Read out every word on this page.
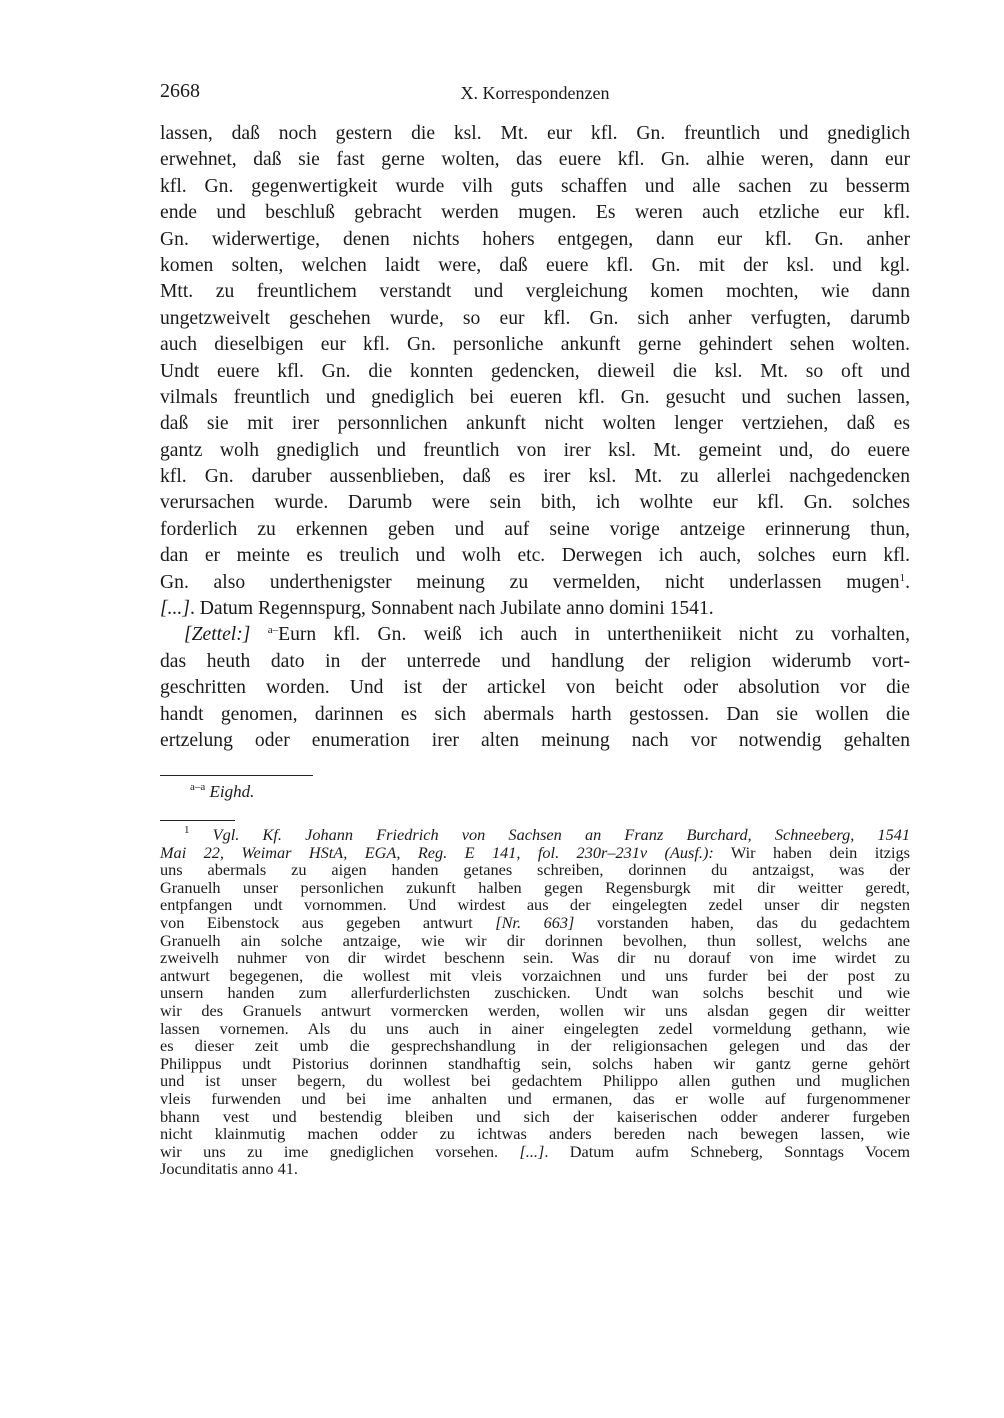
2668	X. Korrespondenzen
lassen, daß noch gestern die ksl. Mt. eur kfl. Gn. freuntlich und gnediglich
erwehnet, daß sie fast gerne wolten, das euere kfl. Gn. alhie weren, dann eur
kfl. Gn. gegenwertigkeit wurde vilh guts schaffen und alle sachen zu besserm
ende und beschluß gebracht werden mugen. Es weren auch etzliche eur kfl.
Gn. widerwertige, denen nichts hohers entgegen, dann eur kfl. Gn. anher
komen solten, welchen laidt were, daß euere kfl. Gn. mit der ksl. und kgl.
Mtt. zu freuntlichem verstandt und vergleichung komen mochten, wie dann
ungetzweivelt geschehen wurde, so eur kfl. Gn. sich anher verfugten, darumb
auch dieselbigen eur kfl. Gn. personliche ankunft gerne gehindert sehen wolten.
Undt euere kfl. Gn. die konnten gedencken, dieweil die ksl. Mt. so oft und
vilmals freuntlich und gnediglich bei eueren kfl. Gn. gesucht und suchen lassen,
daß sie mit irer personnlichen ankunft nicht wolten lenger vertziehen, daß es
gantz wolh gnediglich und freuntlich von irer ksl. Mt. gemeint und, do euere
kfl. Gn. daruber aussenblieben, daß es irer ksl. Mt. zu allerlei nachgedencken
verursachen wurde. Darumb were sein bith, ich wolhte eur kfl. Gn. solches
forderlich zu erkennen geben und auf seine vorige antzeige erinnerung thun,
dan er meinte es treulich und wolh etc. Derwegen ich auch, solches eurn kfl.
Gn. also underthenigster meinung zu vermelden, nicht underlassen mugen$^1$.
[...]. Datum Regennspurg, Sonnabent nach Jubilate anno domini 1541.
[Zettel:] $^{a-}$Eurn kfl. Gn. weiß ich auch in untertheniikeit nicht zu vorhalten,
das heuth dato in der unterrede und handlung der religion widerumb vort-
geschritten worden. Und ist der artickel von beicht oder absolution vor die
handt genomen, darinnen es sich abermals harth gestossen. Dan sie wollen die
ertzelung oder enumeration irer alten meinung nach vor notwendig gehalten
$^{a-a}$ Eighd.
$^1$ Vgl. Kf. Johann Friedrich von Sachsen an Franz Burchard, Schneeberg, 1541
Mai 22, Weimar HStA, EGA, Reg. E 141, fol. 230r–231v (Ausf.): Wir haben dein itzigs
uns abermals zu aigen handen getanes schreiben, dorinnen du antzaigst, was der
Granuelh unser personlichen zukunft halben gegen Regensburgk mit dir weitter geredt,
entpfangen undt vornommen. Und wirdest aus der eingelegten zedel unser dir negsten
von Eibenstock aus gegeben antwurt [Nr. 663] vorstanden haben, das du gedachtem
Granuelh ain solche antzaige, wie wir dir dorinnen bevolhen, thun sollest, welchs ane
zweivelh nuhmer von dir wirdet beschenn sein. Was dir nu dorauf von ime wirdet zu
antwurt begegenen, die wollest mit vleis vorzaichnen und uns furder bei der post zu
unsern handen zum allerfurderlichsten zuschicken. Undt wan solchs beschit und wie
wir des Granuels antwurt vormercken werden, wollen wir uns alsdan gegen dir weitter
lassen vornemen. Als du uns auch in ainer eingelegten zedel vormeldung gethann, wie
es dieser zeit umb die gesprechshandlung in der religionsachen gelegen und das der
Philippus undt Pistorius dorinnen standhaftig sein, solchs haben wir gantz gerne gehört
und ist unser begern, du wollest bei gedachtem Philippo allen guthen und muglichen
vleis furwenden und bei ime anhalten und ermanen, das er wolle auf furgenommener
bhann vest und bestendig bleiben und sich der kaiserischen odder anderer furgeben
nicht klainmutig machen odder zu ichtwas anders bereden nach bewegen lassen, wie
wir uns zu ime gnediglichen vorsehen. [...]. Datum aufm Schneberg, Sonntags Vocem
Jocunditatis anno 41.
